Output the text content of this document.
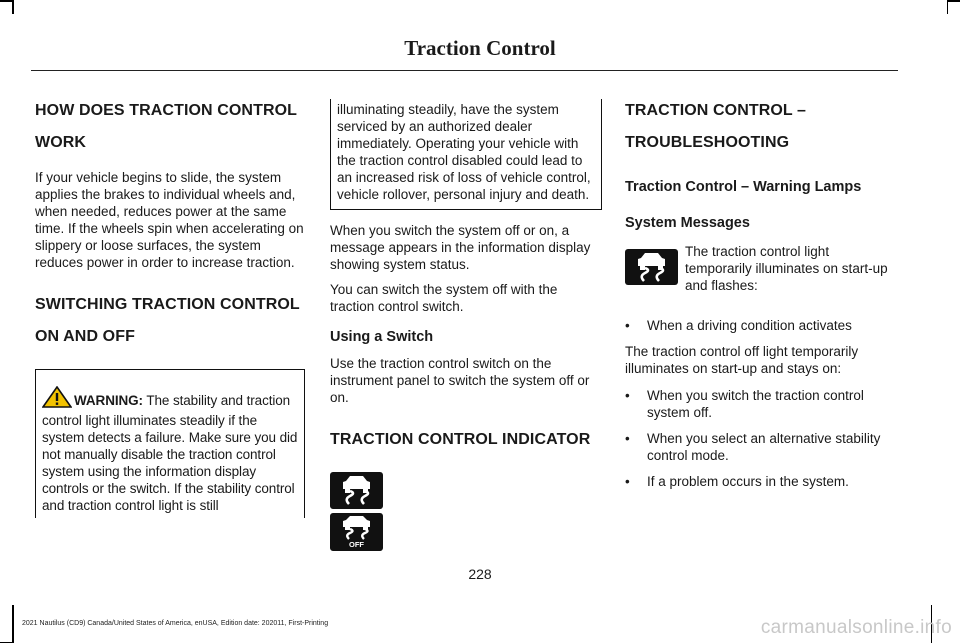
Traction Control
HOW DOES TRACTION CONTROL
WORK

If your vehicle begins to slide, the system applies the brakes to individual wheels and, when needed, reduces power at the same time. If the wheels spin when accelerating on slippery or loose surfaces, the system reduces power in order to increase traction.

SWITCHING TRACTION CONTROL
ON AND OFF

WARNING: The stability and traction control light illuminates steadily if the system detects a failure. Make sure you did not manually disable the traction control system using the information display controls or the switch. If the stability control and traction control light is still

illuminating steadily, have the system serviced by an authorized dealer immediately. Operating your vehicle with the traction control disabled could lead to an increased risk of loss of vehicle control, vehicle rollover, personal injury and death.

When you switch the system off or on, a message appears in the information display showing system status.

You can switch the system off with the traction control switch.

Using a Switch

Use the traction control switch on the instrument panel to switch the system off or on.

TRACTION CONTROL INDICATOR
OFF
TRACTION CONTROL –
TROUBLESHOOTING
Traction Control – Warning Lamps
System Messages

The traction control light temporarily illuminates on start-up and flashes:

• When a driving condition activates

The traction control off light temporarily illuminates on start-up and stays on:

• When you switch the traction control system off.
• When you select an alternative stability control mode.
• If a problem occurs in the system.
228
2021 Nautilus (CD9) Canada/United States of America, enUSA, Edition date: 202011, First-Printing	carmanualsonline.info
